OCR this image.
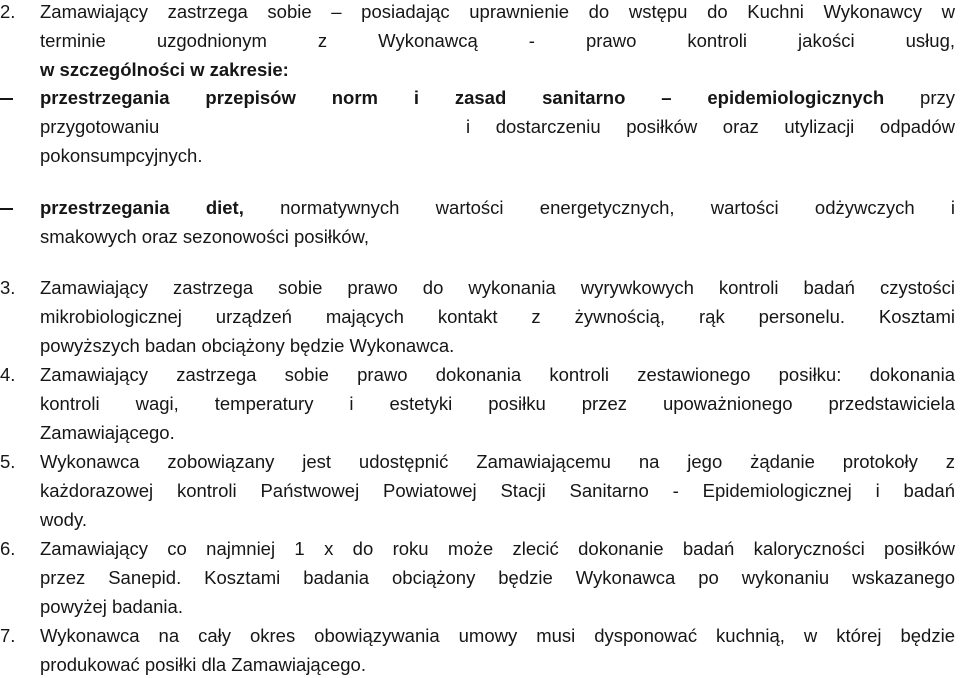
2. Zamawiający zastrzega sobie – posiadając uprawnienie do wstępu do Kuchni Wykonawcy w
terminie uzgodnionym z Wykonawcą - prawo kontroli jakości usług,
w szczególności w zakresie:
przestrzegania przepisów norm i zasad sanitarno – epidemiologicznych przy
przygotowaniu	i dostarczeniu posiłków oraz utylizacji odpadów
pokonsumpcyjnych.
przestrzegania diet, normatywnych wartości energetycznych, wartości odżywczych i
smakowych oraz sezonowości posiłków,
3. Zamawiający zastrzega sobie prawo do wykonania wyrywkowych kontroli badań czystości
mikrobiologicznej urządzeń mających kontakt z żywnością, rąk personelu. Kosztami
powyższych badan obciążony będzie Wykonawca.
4. Zamawiający zastrzega sobie prawo dokonania kontroli zestawionego posiłku: dokonania
kontroli wagi, temperatury i estetyki posiłku przez upoważnionego przedstawiciela
Zamawiającego.
5. Wykonawca zobowiązany jest udostępnić Zamawiającemu na jego żądanie protokoły z
każdorazowej kontroli Państwowej Powiatowej Stacji Sanitarno - Epidemiologicznej i badań
wody.
6. Zamawiający co najmniej 1 x do roku może zlecić dokonanie badań kaloryczności posiłków
przez Sanepid. Kosztami badania obciążony będzie Wykonawca po wykonaniu wskazanego
powyżej badania.
7. Wykonawca na cały okres obowiązywania umowy musi dysponować kuchnią, w której będzie
produkować posiłki dla Zamawiającego.
